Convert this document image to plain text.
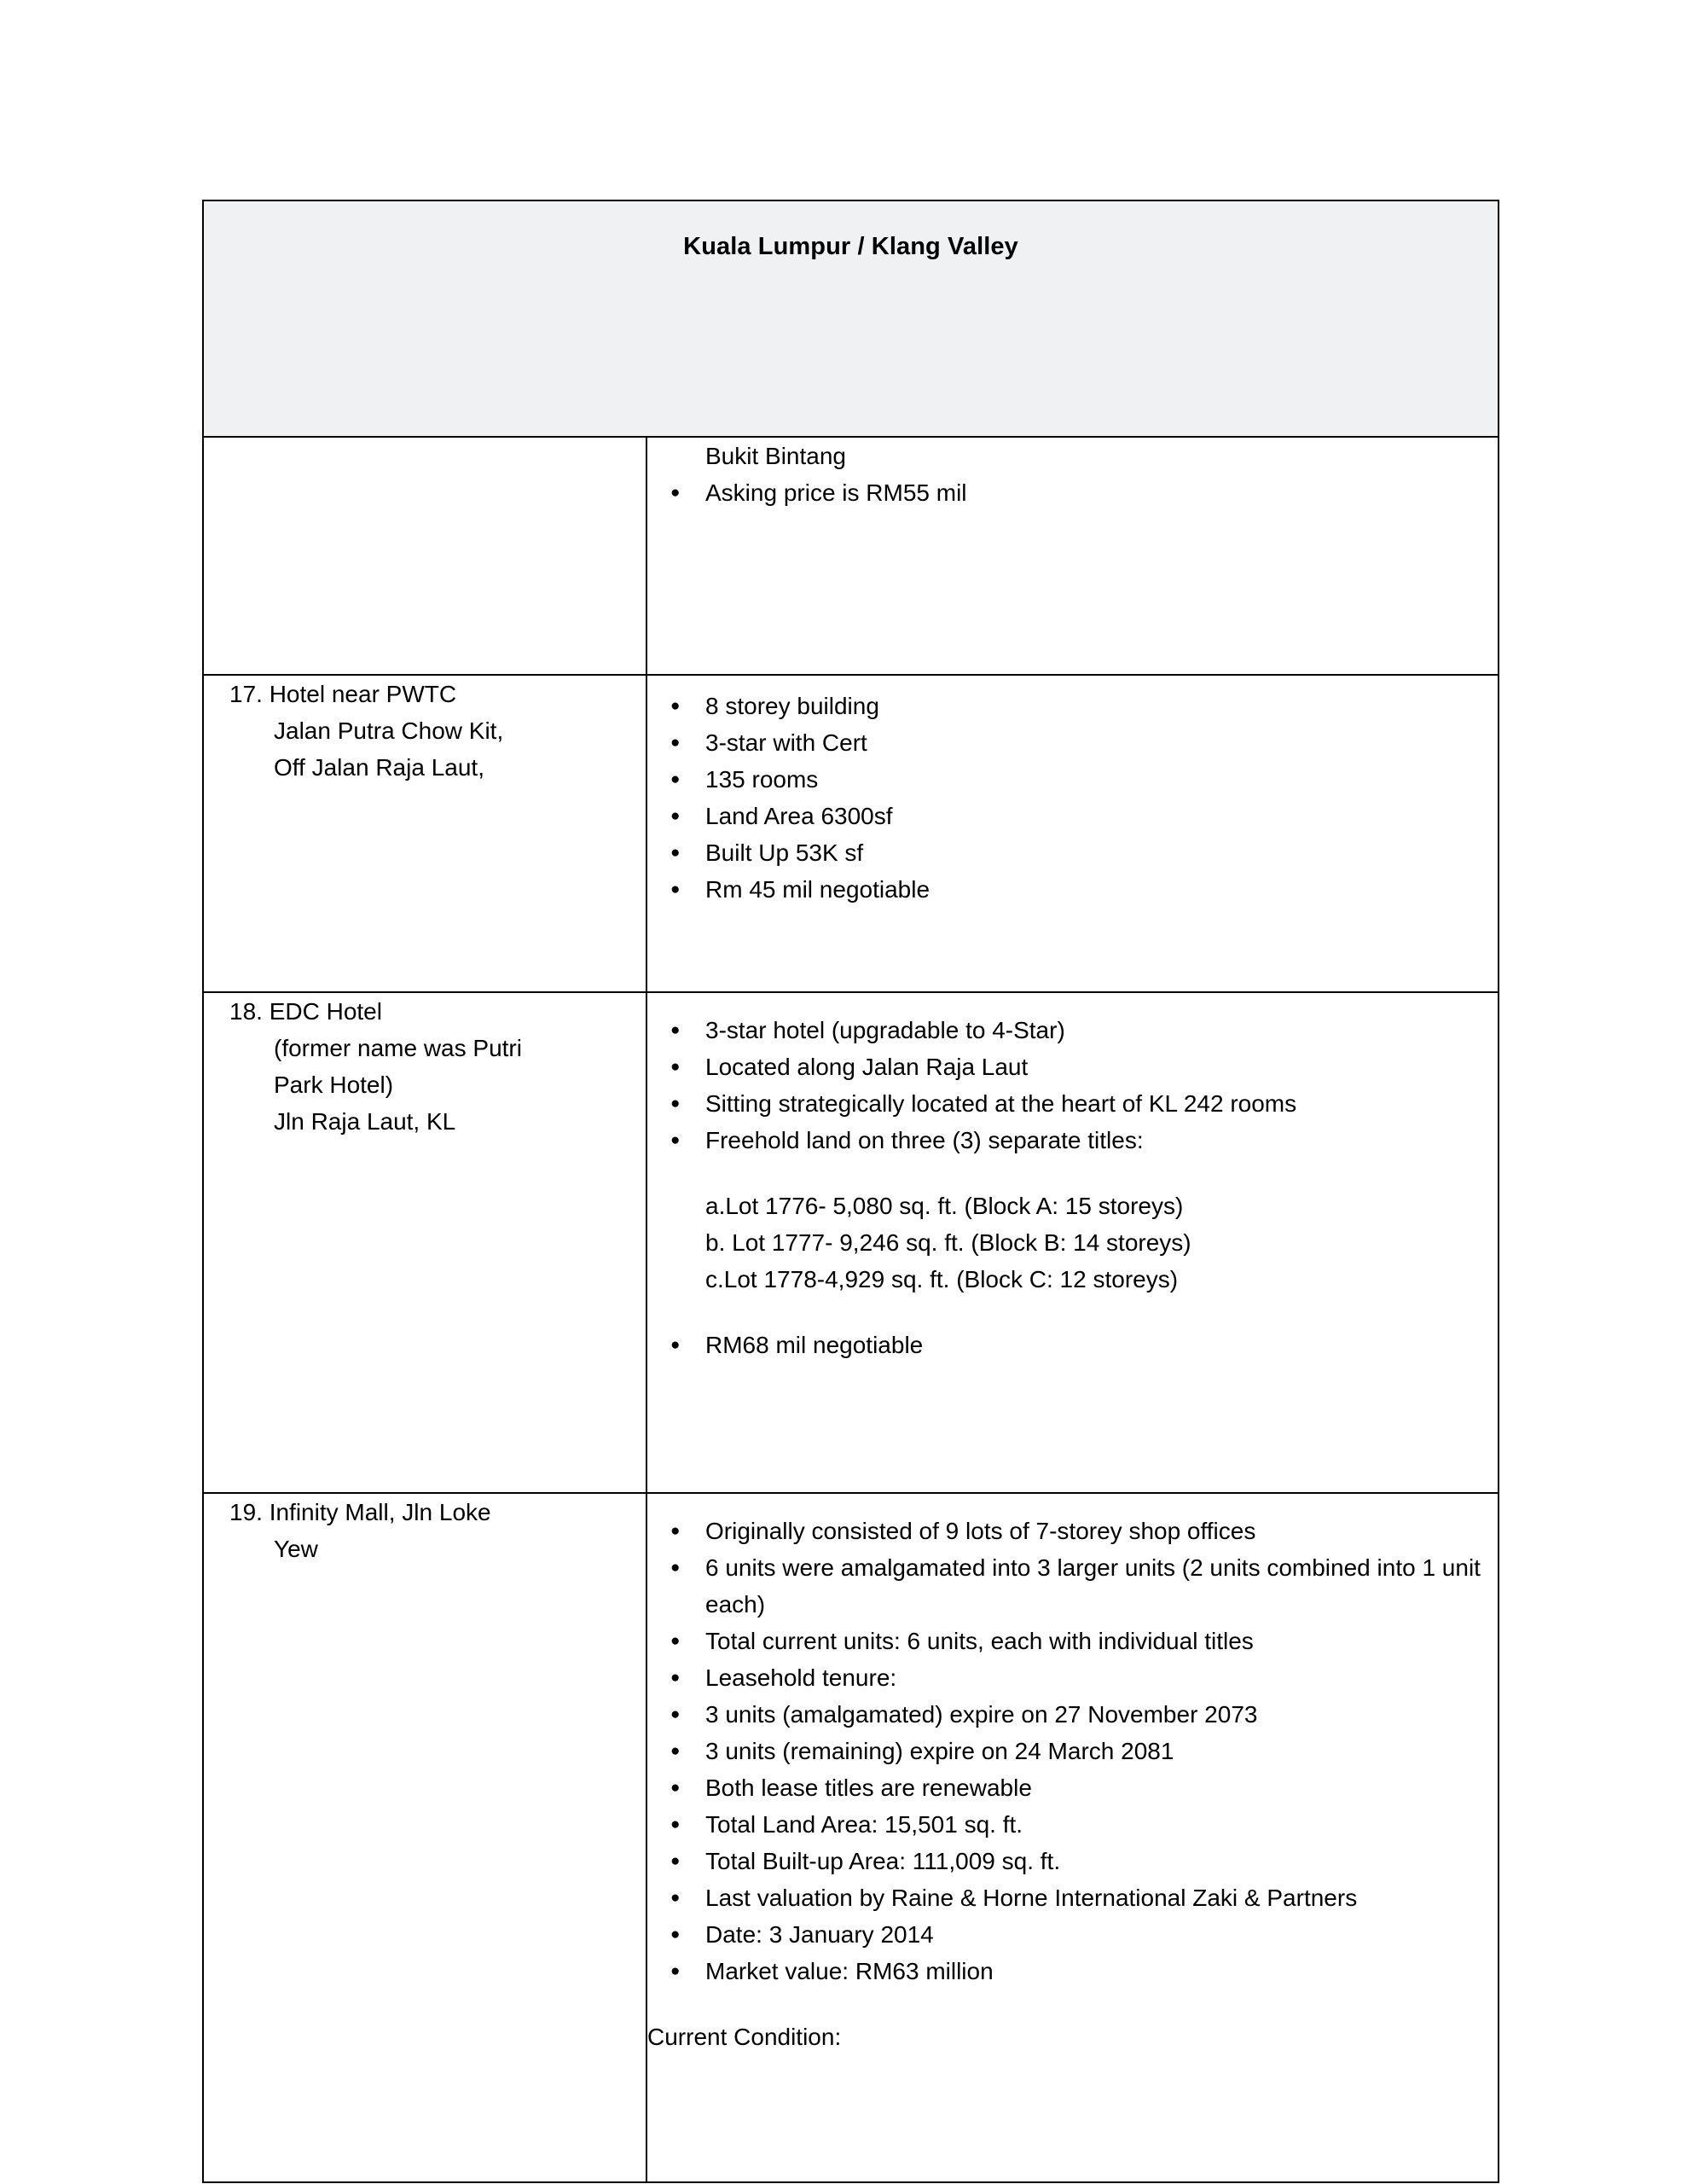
Kuala Lumpur / Klang Valley	

Bukit Bintang
● Asking price is RM55 mil

17. Hotel near PWTC
Jalan Putra Chow Kit,
Off Jalan Raja Laut,

● 8 storey building
● 3-star with Cert
● 135 rooms
● Land Area 6300sf
● Built Up 53K sf
● Rm 45 mil negotiable

18. EDC Hotel
(former name was Putri
Park Hotel)
Jln Raja Laut, KL

● 3-star hotel (upgradable to 4-Star)
● Located along Jalan Raja Laut
● Sitting strategically located at the heart of KL 242 rooms
● Freehold land on three (3) separate titles:
a.Lot 1776- 5,080 sq. ft. (Block A: 15 storeys)
b. Lot 1777- 9,246 sq. ft. (Block B: 14 storeys)
c.Lot 1778-4,929 sq. ft. (Block C: 12 storeys)
● RM68 mil negotiable

19. Infinity Mall, Jln Loke
Yew

● Originally consisted of 9 lots of 7-storey shop offices
● 6 units were amalgamated into 3 larger units (2 units combined into 1 unit each)
● Total current units: 6 units, each with individual titles
● Leasehold tenure:
● 3 units (amalgamated) expire on 27 November 2073
● 3 units (remaining) expire on 24 March 2081
● Both lease titles are renewable
● Total Land Area: 15,501 sq. ft.
● Total Built-up Area: 111,009 sq. ft.
● Last valuation by Raine & Horne International Zaki & Partners
● Date: 3 January 2014
● Market value: RM63 million
Current Condition:
